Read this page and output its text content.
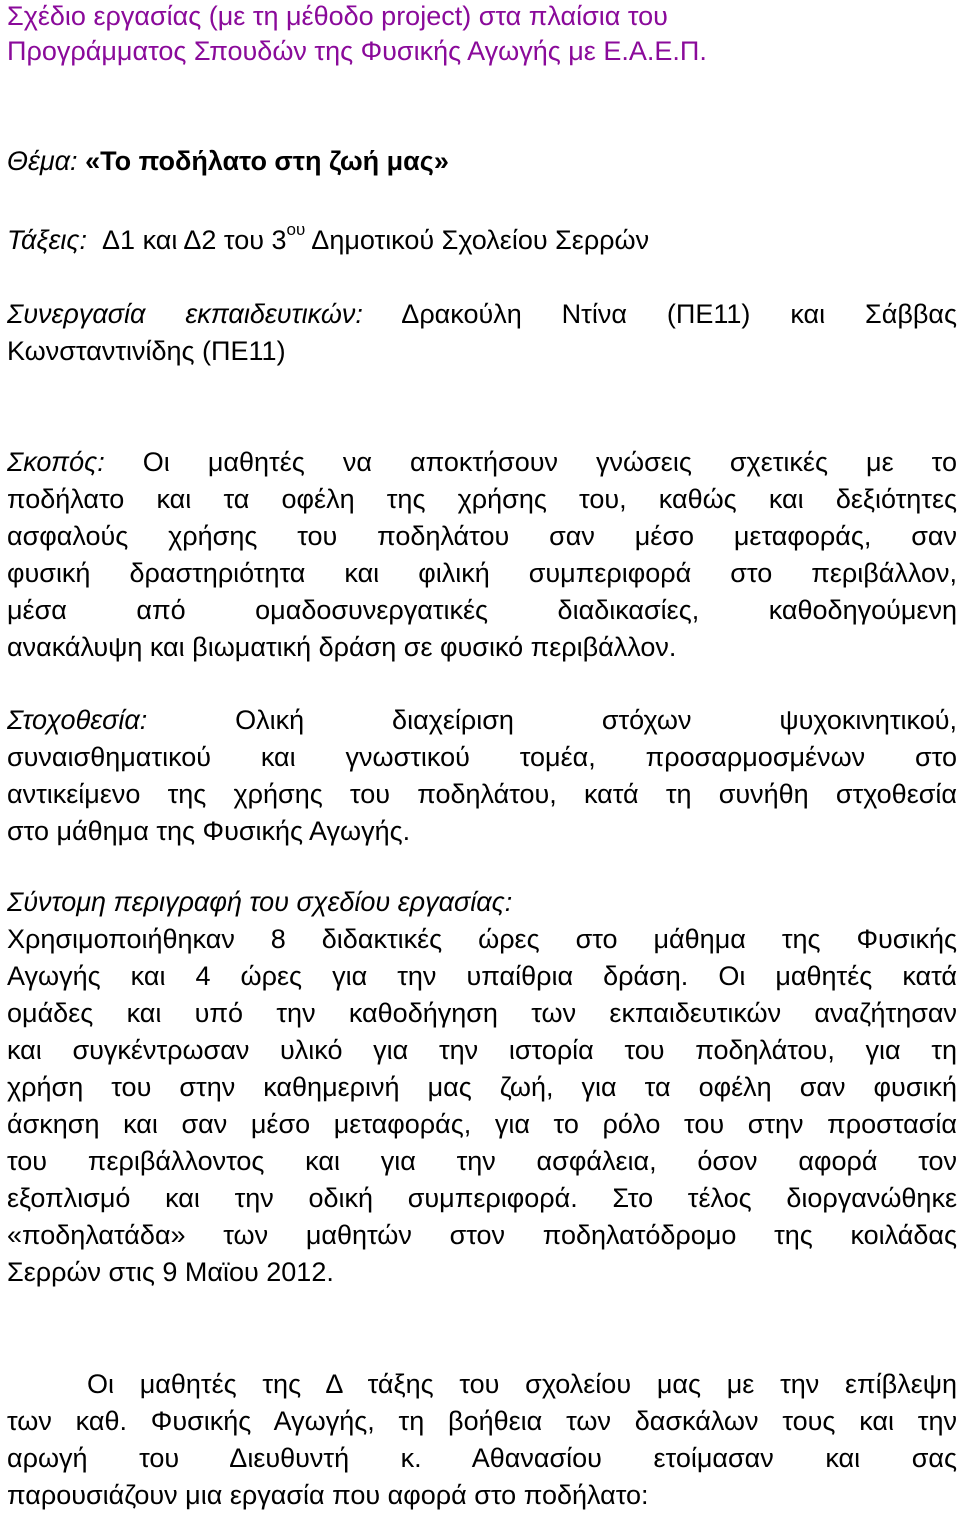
Σχέδιο εργασίας (με τη μέθοδο project) στα πλαίσια του
Προγράμματος Σπουδών της Φυσικής Αγωγής με Ε.Α.Ε.Π.
Θέμα: «Το ποδήλατο στη ζωή μας»
Τάξεις: Δ1 και Δ2 του $3^{o\upsilon}$ Δημοτικού Σχολείου Σερρών
Συνεργασία εκπαιδευτικών: Δρακούλη Ντίνα (ΠΕ11) και Σάββας
Κωνσταντινίδης (ΠΕ11)
Σκοπός: Οι μαθητές να αποκτήσουν γνώσεις σχετικές με το
ποδήλατο και τα οφέλη της χρήσης του, καθώς και δεξιότητες
ασφαλούς χρήσης του ποδηλάτου σαν μέσο μεταφοράς, σαν
φυσική δραστηριότητα και φιλική συμπεριφορά στο περιβάλλον,
μέσα από ομαδοσυνεργατικές διαδικασίες, καθοδηγούμενη
ανακάλυψη και βιωματική δράση σε φυσικό περιβάλλον.
Στοχοθεσία:	Ολική διαχείριση στόχων ψυχοκινητικού,
συναισθηματικού και γνωστικού τομέα, προσαρμοσμένων στο
αντικείμενο της χρήσης του ποδηλάτου, κατά τη συνήθη στχοθεσία
στο μάθημα της Φυσικής Αγωγής.
Σύντομη περιγραφή του σχεδίου εργασίας:
Χρησιμοποιήθηκαν 8 διδακτικές ώρες στο μάθημα της Φυσικής
Αγωγής και 4 ώρες για την υπαίθρια δράση. Οι μαθητές κατά
ομάδες και υπό την καθοδήγηση των εκπαιδευτικών αναζήτησαν
και συγκέντρωσαν υλικό για την ιστορία του ποδηλάτου, για τη
χρήση του στην καθημερινή μας ζωή, για τα οφέλη σαν φυσική
άσκηση και σαν μέσο μεταφοράς, για το ρόλο του στην προστασία
του περιβάλλοντος και για την ασφάλεια, όσον αφορά τον
εξοπλισμό και την οδική συμπεριφορά. Στο τέλος διοργανώθηκε
«ποδηλατάδα» των μαθητών στον ποδηλατόδρομο της κοιλάδας
Σερρών στις 9 Μαϊου 2012.
Οι μαθητές της Δ τάξης του σχολείου μας με την επίβλεψη
των καθ. Φυσικής Αγωγής, τη βοήθεια των δασκάλων τους και την
αρωγή του Διευθυντή κ. Αθανασίου ετοίμασαν και σας
παρουσιάζουν μια εργασία που αφορά στο ποδήλατο:
